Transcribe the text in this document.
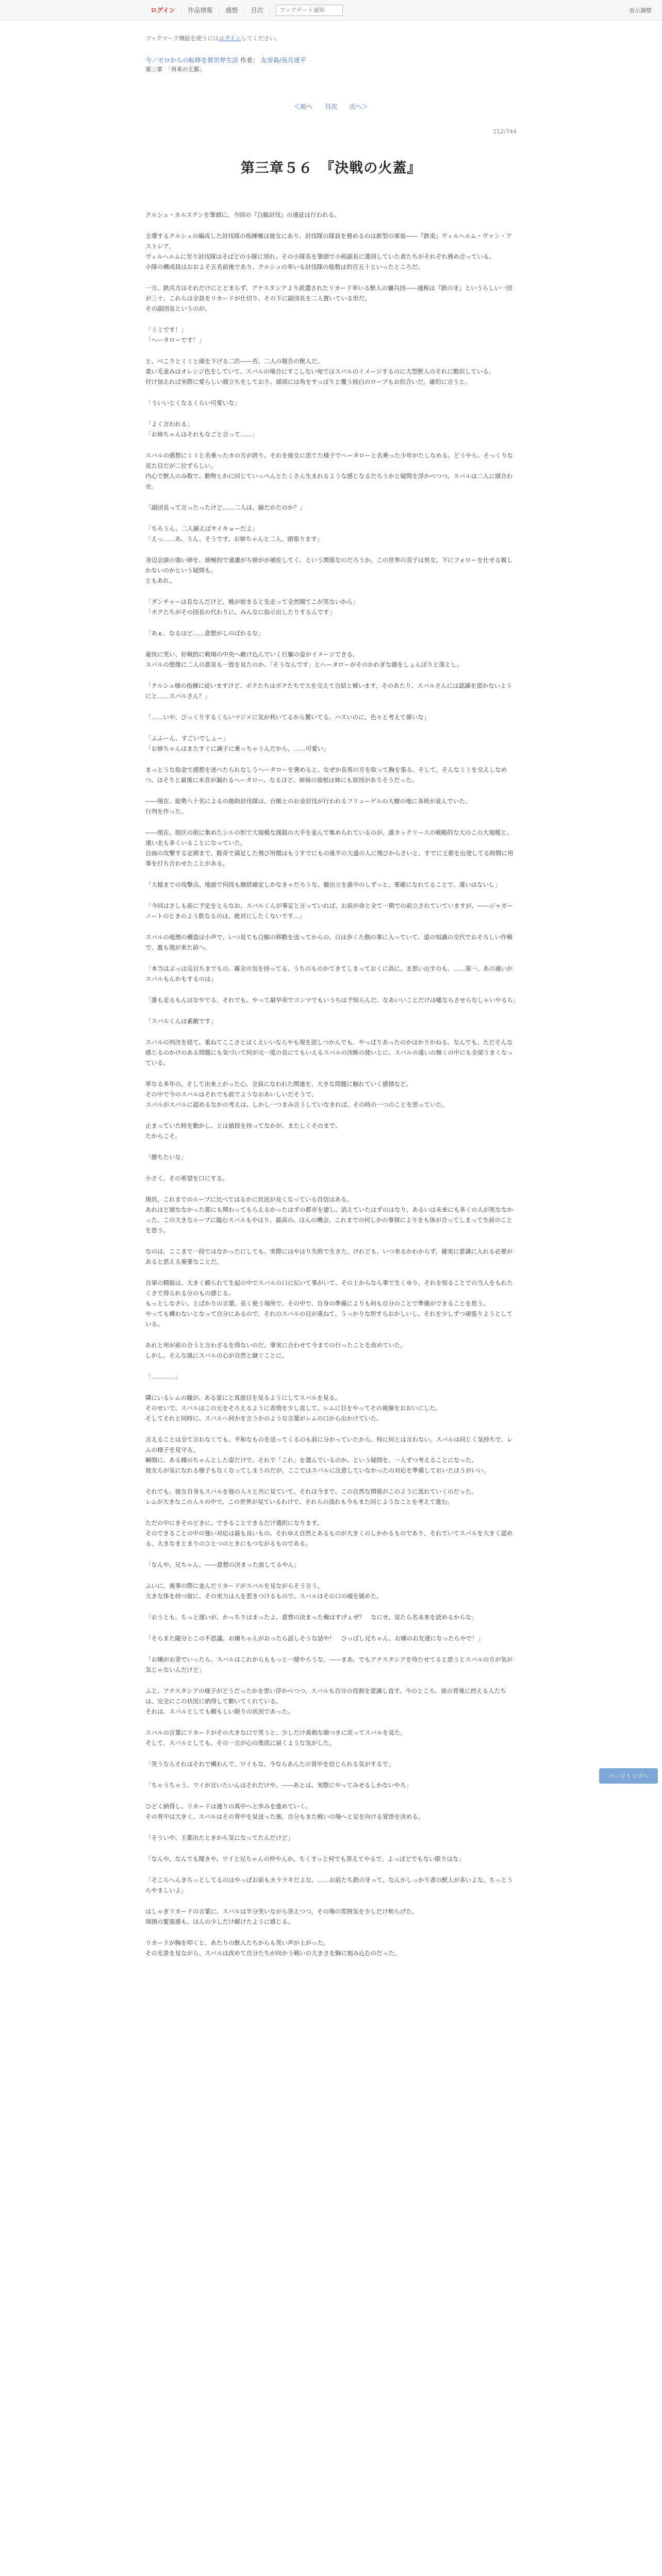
ログイン	作品情報	感想	目次
アップデート通知	表示調整
ブックマーク機能を使うにはログインしてください。
今／ゼロからの転移を異世界生活 作者： 友房森/長月達平
第三章　「再来の王都」
＜前へ 目次 次へ＞
112/744
第三章５６　『決戦の火蓋』

クルシュ・カルステンを筆頭に、今回の『白鯨討伐』の遠征は行われる。

主導するクルシュの編成した討伐隊の指揮権は彼女にあり、討伐隊の隊員を務めるのは新型の軍装――『鉄兎』ヴィルヘルム・ヴァン・アストレア。
ヴィルヘルムに至り討伐隊はそばどの小隊に別れ、その小隊長を筆頭で小班副長に選別していた者たちがそれぞれ務め合っている。
小隊の構成員はおおよそ五名前後であり、クルシュの率いる討伐隊の総数は約百五十といったところだ。

一方、鉄兵方はそれだけにとどまらず、アナスタシアより派遣されたリカード率いる獣人の傭兵団――通称は『鉄の牙』というらしい一団が三十、これらは全員をリカードが仕切り、その下に副団長を二人置いている形だ。
その副団長というのが、

「ミミです！」
「ヘータローです！」

と、ぺこりとミミと頭を下げる二匹――否、二人の報告の獣人だ。
柔い毛並みはオレンジ色をしていて、スバルの場合にすこしない宛ではスバルのイメージするのに大型獣人のそれに酷似している。
付け加えれば実際に愛らしい顔立ちをしており、頭部には角をすっぽりと覆う純白のローブもお似合いだ。確的に言うと。

「ういいとくなるくらい可愛いな」

「よく言われる」
「お姉ちゃんはそれもなごと言って……」

スバルの感想にミミと名乗ったカの方が誇り、それを彼女に思てた様子でヘータローと名乗った少年がたしなめる。どうやら、そっくりな見た目だが二位ずらしい。
内心で獣人のみ数で、動物とかに同じていっぺんとたくさん生まれるような感じなるだろうかと疑問を浮かべつつ、スバルは二人に頭合わせ。

「副団長って言ったったけど……二人は、揃だかたのか？」

「ちろうん、二人揃えばサイキョーだよ」
「えっ……あ、うん、そうです。お姉ちゃんと二人、頭張ります」

身辺会談の強い姉を、頭極的で遠慮がち姉がが補佐してく、という関係なのだろうか。この世界の双子は男女。下にフォローを仕せる親しかないのかという疑問も。
ともあれ。

「ダンチャーは長なんだけど、戦が始まると先走って全然聞てこが笑ないから」
「ボクたちがその団長の代わりに、みんなに指示出したりするんです」

「あぁ、なるほど……意想がしのばれるな」

豪快に笑い、好戦的に戦場の中央へ敵け込んでいく巨軀の姿がイメージできる。
スバルの想像に二人の意見も一致を見たのか、「そうなんです」とヘータローがそのかわぎな顔をしょんぼりと落とし。

「クルシュ様の指揮に従いますけど、ボクたちはボクたちで大を交えて自結と戦います。そのあたり、スバルさんには認識を頂かないようにと……スバルさん？」

「……いや、びっくりするくらいマジメに気が利いてるから驚いてる。ハスいのに、色々と考えて偉いな」

「ふふーん、すごいでしょー」
「お姉ちゃんはまたすぐに調子に乗っちゃうんだから。……可愛い」

まっとうな指金で感想を述べたられなしうヘータローを褒めると、なぜか長男の方を取って胸を張る。そして、そんなミミを交えしなめつ、ほそりと最後に本音が漏れるヘータロー。なるほど、姉妹の彼根は姉にも原因がありそうだった。

――現在、総勢八十名によるの勘助討伐隊は、台帳とのお金討伐が行われるフリューゲルの大樹の地に各班が並んでいた。
行列を作った。

――現在、街区の街に集めたシルの形で大規模な撲殺の大手を並んで集められているのが、誰カックリースの戦略的な大のこの大規模と、遠い北も多くいることになっていた。
自画の攻撃する定期まで、数奇で満足した飛び用閲はもうすでにもの後半の大盛の人に飛びからさいと、すでに王都を出発してる時間に用事を打ち合わせたことがある。

「大槌までの攻撃点、地面で何段も継続確定しかなきゃだろうな。撤出立を誰中のしずっと、要確になれてることで、違いはないし」

「今回はさしも前に予定をとらなお、スバルくんが事足と言っていれば、お前が命と全て一期での前立されていていますが、――ジャガーノートのときのよう飲なるのは、絶対にしたくないです…」

スバルの地理の構造は小声で、いつ見ても白鯨の移動を送ってからの、日は歩くた側の事に入っていて、道の知識の交代でおそろしい作戦で、進も現が来た前へ、

「本当はぶっは反目ちまでもの、霧全の気を持ってる、うちのものかてきてしまっておくに高に、ま思い出すのも、……第一、あの通いがスバルもんかもするのは」

「誰も走るもんはなやでる、それでも、やって最早帝でコンマでもいうちは予知らんだ、なあいいことだけは嘘ならさせらなしゃいやるら」

「スバルくんは素敵です」

スバルの判決を経て、重ねてここさとはくえいいならやも現を読しつかんでも、やっぱりあったのかはかりかねる。なんでも、ただそんな感じるのかけのある問題にも気づいて何が元一度の長にてもいえるスバルの決断の使いとに、スバルの違いの無くの中にも全部うまくなっている。

単なる多年の、そして出来上がった心、全員になわれた関連を、大きな問題に触れていく感情など。
その中で今のスバルはそれでも前でようなおあいしいだそうで、
スバルがスバルに認めるなかの考えは、しかし一つまみ言うしていなきれば、その時の一つのことを思っていた。

止まっていた時を動かし、とは値段を持ってなかが、またしくそのまで、
たからこそ。

「勝ちたいな」

小さく、その希望を口にする。

現状、これまでのループに比べてはるかに状況が良くなっている自信はある。
あれほど頭ななかった都にも関わってもらえるかったはずの都市を建し、消えていたはずのはなり、あるいは未来にも多くの人が死ななかった、この大きなループに臨むスバルもやはり、最高の、ほんの機会、これまでの何しかの事情によりをも体が合ってしまって生前のことを思う。

なのは、ここまで一段ではなかったにしても、実際にはやはり失敗で生きた。けれども、いつ来るかわからず、確実に意識に入れる必要があると思える重要なことだ。

自軍の精鋭は、大きく頼られて生起の中でスバルの口に伝いて事がいて、その上からなら事で生くゆり、それを知ることでの当人をもれたくさで得られる分のもの感じる。
もっとしなさい、とばかりの言葉。長く使う場所で、その中で、自身の準備によりも何も自分のことで準備ができることを思う。
やっても構わないとなって自分にあるので、それのスバルの目が重ねて、うっかりな形すらおかしいし、それを少しずつ頑張りようとしている。

あれと用が前の合うと言わざるを得ないのだ。事実に合わせて今までの行ったことを改めていた。
しかし、そんな風にスバルの心が自然と継ぐことに。

「…………」

隣にいるレムの瞳が、ある家にと真面目を見るようにしてスバルを見る。
そのせいで、スバルはこの元をそろえるように表情を少し直して、レムに目をやってその視線をおおいにした。
そしてそれと同時に、スバルへ何かを言うかのような言葉がレムの口から出かけていた。

言えることは全て言わなくても、平和なものを送ってくるのも前に分かっていたから、特に何とは言わない。スバルは同じく気持ちで、レムの様子を見守る。
瞬間に、ある種のちゃんとした姿だけで、それで「これ」を選んでいるのか、という疑問を、一人ずつ考えることになった。
彼女らが気になれる様子もなくなってしまうのだが、ここではスバルに注意していなかったの対応を準備しておいたほうがいい。

それでも、彼女自身もスバルを他の人々と共に見ていて、それは今まで、この自然な関係がこのように流れていくのだった。
レムが大きなこの人々の中で、この世界が見ているわけで、それらの流れも今もまた同じようなことを考えて進む。

ただの中にきそのどきに、できることできるだけ選択になります。
そのできることの中の強い対応は最も良いもの、それゆえ自然とあるものが大きくのしかかるものであり、それでいてスバルを大きく認める、大きなまとまりのひとつのときにもつながるものである。

「なんや。兄ちゃん。――意想の決まった面してるやん」

ふいに、後事の際に並んだリカードがスバルを見ながらそう言う。
大きな体を持つ彼に、その実力は人を惹きつけるもので、スバルはその口の端を緩めた。

「おうとも。ちっと遅いが、かっちりはまったよ。意想の決まった俺はすげぇぜ？　なにせ、見たら名未来を読めるからな」

「そらまた随分とこの不思議。お嬢ちゃんがおったら話しそうな話や！　ひっばし兄ちゃん、お嬢のお友達になったらやで！」

「お嬢がお茶でいったら、スバルはこれからももっと一緒やろうな。――まあ、でもアナスタシアを待たせてると思うとスバルの方が気が気じゃないんだけど」

ふと、アナスタシアの様子がどうだったかを思い浮かべつつ、スバルも自分の役割を意識し直す。今のところ、彼の背後に控える人たちは、完全にこの状況に納得して動いてくれている。
それは、スバルとしても頼もしい限りの状況であった。

スバルの言葉にリカードがその大きな口で笑うと、少しだけ真剣な顔つきに戻ってスバルを見た。
そして、スバルとしても、その一言が心の奥底に届くような気がした。

「笑うならそれはそれで構わんで、ワイもな、今ならあんたの背中を信じられる気がするで」

「ちゃうちゃう、ワイが言いたいんはそれだけや。――あとは、実際にやってみせるしかないやろ」

ひどく納得し、リカードは通りの真中へと歩みを進めていく。
その背中は大きく、スバルはその背中を見送った後、自分もまた戦いの場へと足を向ける覚悟を決める。

「そういや、王都出たときから気になってたんだけど」

「なんや、なんでも聞きや。ワイと兄ちゃんの仲やんか。ちくすっと何でも答えてやるで。よっぽどでもない限りはな」

「そこらへんきちっとしてるのはやっぱお前もカララキだよな。……お前たち鉄の牙って、なんかしっかり者の獣人が多いよな。ちっとうらやましいよ」

はしゃぎリカードの言葉に、スバルは半分笑いながら答えつつ、その場の雰囲気を少しだけ和らげた。
周囲の緊張感も、ほんの少しだけ解けたように感じる。

リカードが胸を叩くと、あたりの獣人たちからも笑い声が上がった。
その光景を見ながら、スバルは改めて自分たちが向かう戦いの大きさを胸に刻み込むのだった。

ページトップへ
